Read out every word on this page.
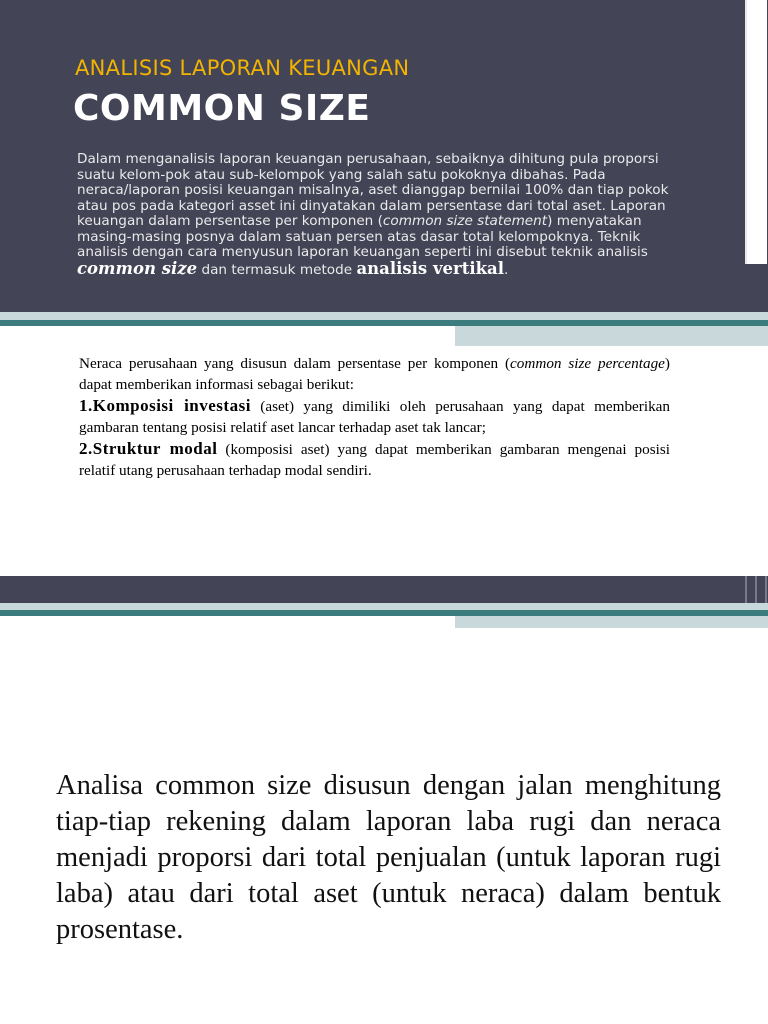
ANALISIS LAPORAN KEUANGAN
COMMON SIZE
Dalam menganalisis laporan keuangan perusahaan, sebaiknya dihitung pula proporsi suatu kelom-pok atau sub-kelompok yang salah satu pokoknya dibahas. Pada neraca/laporan posisi keuangan misalnya, aset dianggap bernilai 100% dan tiap pokok atau pos pada kategori asset ini dinyatakan dalam persentase dari total aset. Laporan keuangan dalam persentase per komponen (common size statement) menyatakan masing-masing posnya dalam satuan persen atas dasar total kelompoknya. Teknik analisis dengan cara menyusun laporan keuangan seperti ini disebut teknik analisis common size dan termasuk metode analisis vertikal.

Neraca perusahaan yang disusun dalam persentase per komponen (common size percentage) dapat memberikan informasi sebagai berikut:

1.Komposisi investasi (aset) yang dimiliki oleh perusahaan yang dapat memberikan gambaran tentang posisi relatif aset lancar terhadap aset tak lancar;

2.Struktur modal (komposisi aset) yang dapat memberikan gambaran mengenai posisi relatif utang perusahaan terhadap modal sendiri.

Analisa common size disusun dengan jalan menghitung tiap-tiap rekening dalam laporan laba rugi dan neraca menjadi proporsi dari total penjualan (untuk laporan rugi laba) atau dari total aset (untuk neraca) dalam bentuk prosentase.
